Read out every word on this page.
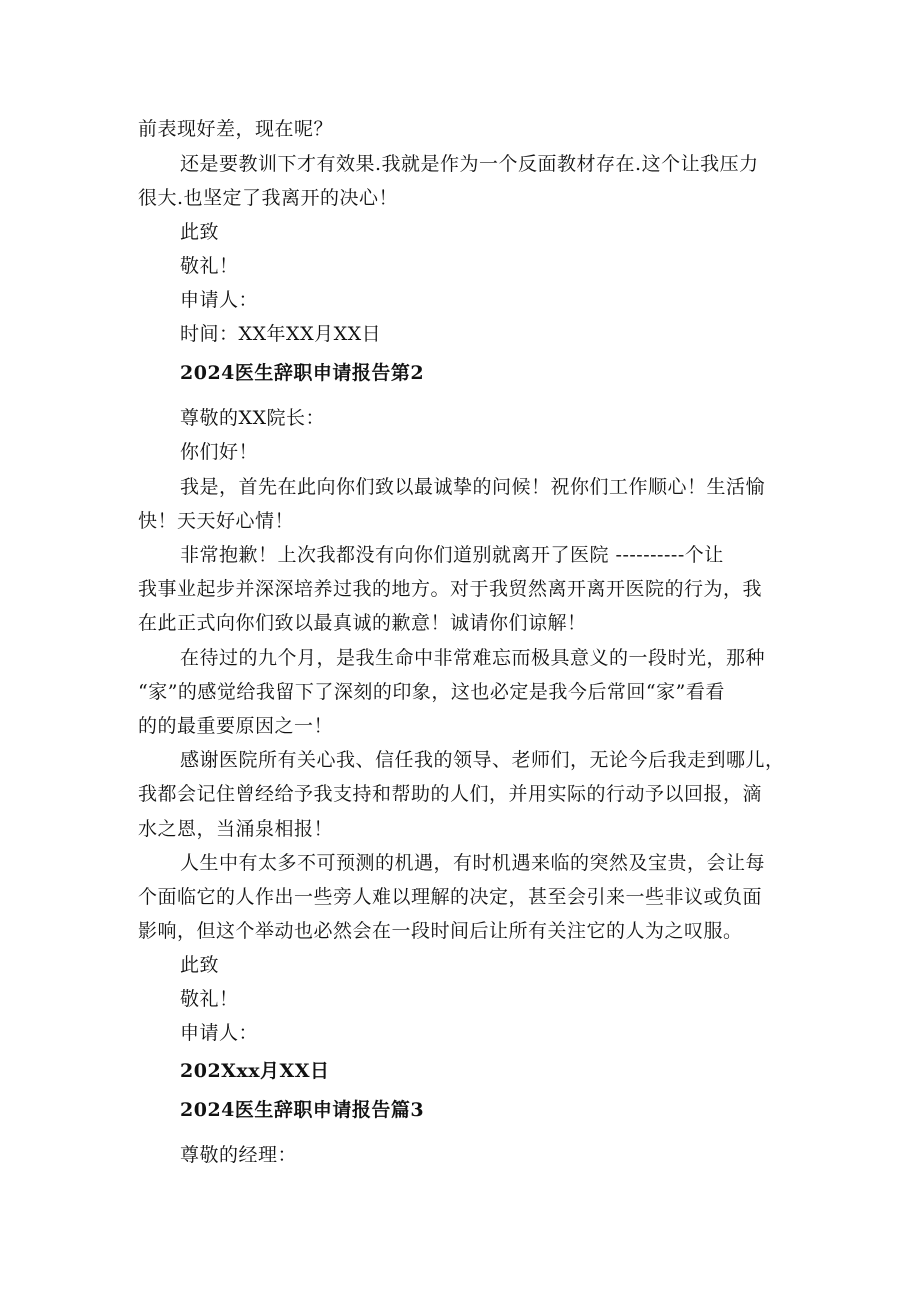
前表现好差，现在呢？
还是要教训下才有效果.我就是作为一个反面教材存在.这个让我压力
很大.也坚定了我离开的决心！
此致
敬礼！
申请人：
时间：XX年XX月XX日
2024医生辞职申请报告第2
尊敬的XX院长：
你们好！
我是，首先在此向你们致以最诚挚的问候！祝你们工作顺心！生活愉
快！天天好心情！
非常抱歉！上次我都没有向你们道别就离开了医院 ----------个让
我事业起步并深深培养过我的地方。对于我贸然离开离开医院的行为，我
在此正式向你们致以最真诚的歉意！诚请你们谅解！
在待过的九个月，是我生命中非常难忘而极具意义的一段时光，那种
“家”的感觉给我留下了深刻的印象，这也必定是我今后常回“家”看看
的的最重要原因之一！
感谢医院所有关心我、信任我的领导、老师们，无论今后我走到哪儿，
我都会记住曾经给予我支持和帮助的人们，并用实际的行动予以回报，滴
水之恩，当涌泉相报！
人生中有太多不可预测的机遇，有时机遇来临的突然及宝贵，会让每
个面临它的人作出一些旁人难以理解的决定，甚至会引来一些非议或负面
影响，但这个举动也必然会在一段时间后让所有关注它的人为之叹服。
此致
敬礼！
申请人：
202Xxx月XX日
2024医生辞职申请报告篇3
尊敬的经理：
